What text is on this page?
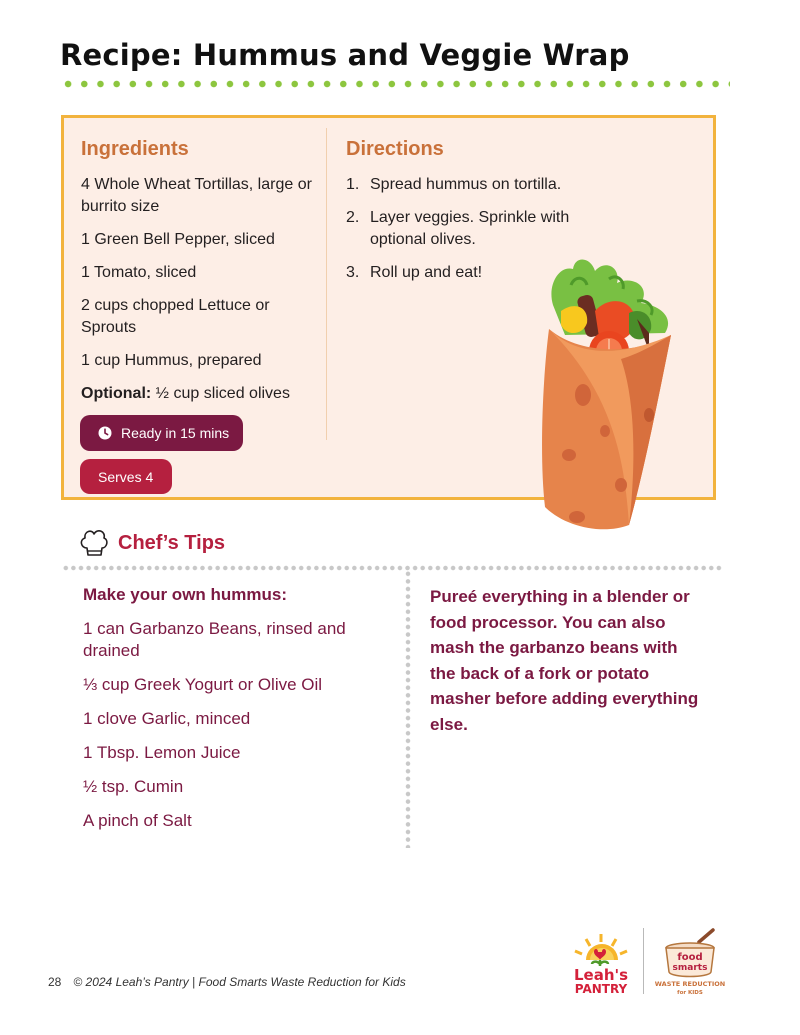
Recipe: Hummus and Veggie Wrap
Ingredients
4 Whole Wheat Tortillas, large or burrito size
1 Green Bell Pepper, sliced
1 Tomato, sliced
2 cups chopped Lettuce or Sprouts
1 cup Hummus, prepared
Optional: ½ cup sliced olives
Directions
1. Spread hummus on tortilla.
2. Layer veggies. Sprinkle with optional olives.
3. Roll up and eat!
Ready in 15 mins
Serves 4
Chef’s Tips
Make your own hummus:
1 can Garbanzo Beans, rinsed and drained
⅓ cup Greek Yogurt or Olive Oil
1 clove Garlic, minced
1 Tbsp. Lemon Juice
½ tsp. Cumin
A pinch of Salt

Pureé everything in a blender or food processor. You can also mash the garbanzo beans with the back of a fork or potato masher before adding everything else.

28 © 2024 Leah’s Pantry | Food Smarts Waste Reduction for Kids	Leah's
PANTRY
food
smarts
WASTE REDUCTION
for KIDS
